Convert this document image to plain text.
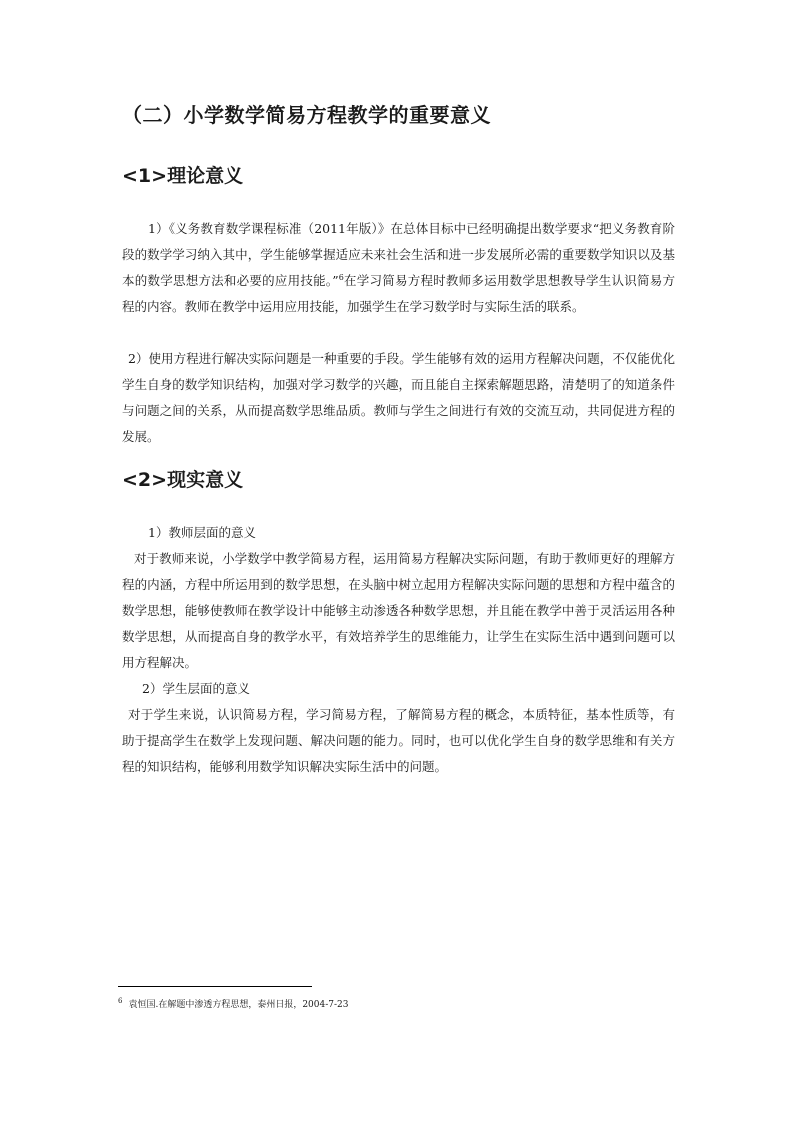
（二）小学数学简易方程教学的重要意义
<1>理论意义

1）《义务教育数学课程标准（2011年版）》在总体目标中已经明确提出数学要求“把义务教育阶段的数学学习纳入其中，学生能够掌握适应未来社会生活和进一步发展所必需的重要数学知识以及基本的数学思想方法和必要的应用技能。”$^6$在学习简易方程时教师多运用数学思想教导学生认识简易方程的内容。教师在教学中运用应用技能，加强学生在学习数学时与实际生活的联系。

2）使用方程进行解决实际问题是一种重要的手段。学生能够有效的运用方程解决问题，不仅能优化学生自身的数学知识结构，加强对学习数学的兴趣，而且能自主探索解题思路，清楚明了的知道条件与问题之间的关系，从而提高数学思维品质。教师与学生之间进行有效的交流互动，共同促进方程的发展。

<2>现实意义

1）教师层面的意义

对于教师来说，小学数学中教学简易方程，运用简易方程解决实际问题，有助于教师更好的理解方程的内涵，方程中所运用到的数学思想，在头脑中树立起用方程解决实际问题的思想和方程中蕴含的数学思想，能够使教师在教学设计中能够主动渗透各种数学思想，并且能在教学中善于灵活运用各种数学思想，从而提高自身的教学水平，有效培养学生的思维能力，让学生在实际生活中遇到问题可以用方程解决。

2）学生层面的意义

对于学生来说，认识简易方程，学习简易方程，了解简易方程的概念，本质特征，基本性质等，有助于提高学生在数学上发现问题、解决问题的能力。同时，也可以优化学生自身的数学思维和有关方程的知识结构，能够利用数学知识解决实际生活中的问题。

$^6$ 袁恒国.在解题中渗透方程思想，泰州日报，2004-7-23
